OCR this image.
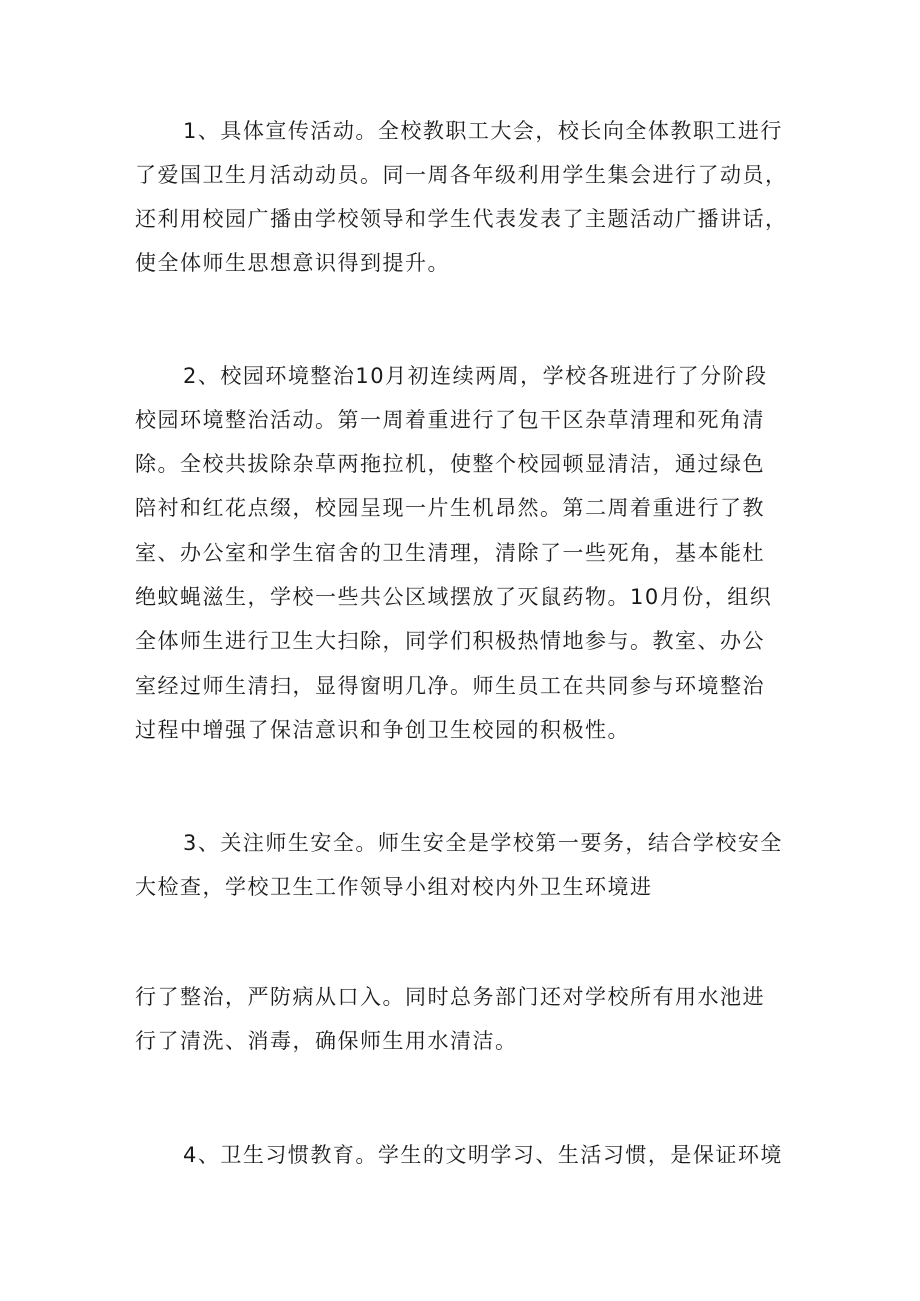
1、具体宣传活动。全校教职工大会，校长向全体教职工进行
了爱国卫生月活动动员。同一周各年级利用学生集会进行了动员，
还利用校园广播由学校领导和学生代表发表了主题活动广播讲话，
使全体师生思想意识得到提升。
2、校园环境整治10月初连续两周，学校各班进行了分阶段
校园环境整治活动。第一周着重进行了包干区杂草清理和死角清
除。全校共拔除杂草两拖拉机，使整个校园顿显清洁，通过绿色
陪衬和红花点缀，校园呈现一片生机昂然。第二周着重进行了教
室、办公室和学生宿舍的卫生清理，清除了一些死角，基本能杜
绝蚊蝇滋生，学校一些共公区域摆放了灭鼠药物。10月份，组织
全体师生进行卫生大扫除，同学们积极热情地参与。教室、办公
室经过师生清扫，显得窗明几净。师生员工在共同参与环境整治
过程中增强了保洁意识和争创卫生校园的积极性。
3、关注师生安全。师生安全是学校第一要务，结合学校安全
大检查，学校卫生工作领导小组对校内外卫生环境进
行了整治，严防病从口入。同时总务部门还对学校所有用水池进
行了清洗、消毒，确保师生用水清洁。
4、卫生习惯教育。学生的文明学习、生活习惯，是保证环境
